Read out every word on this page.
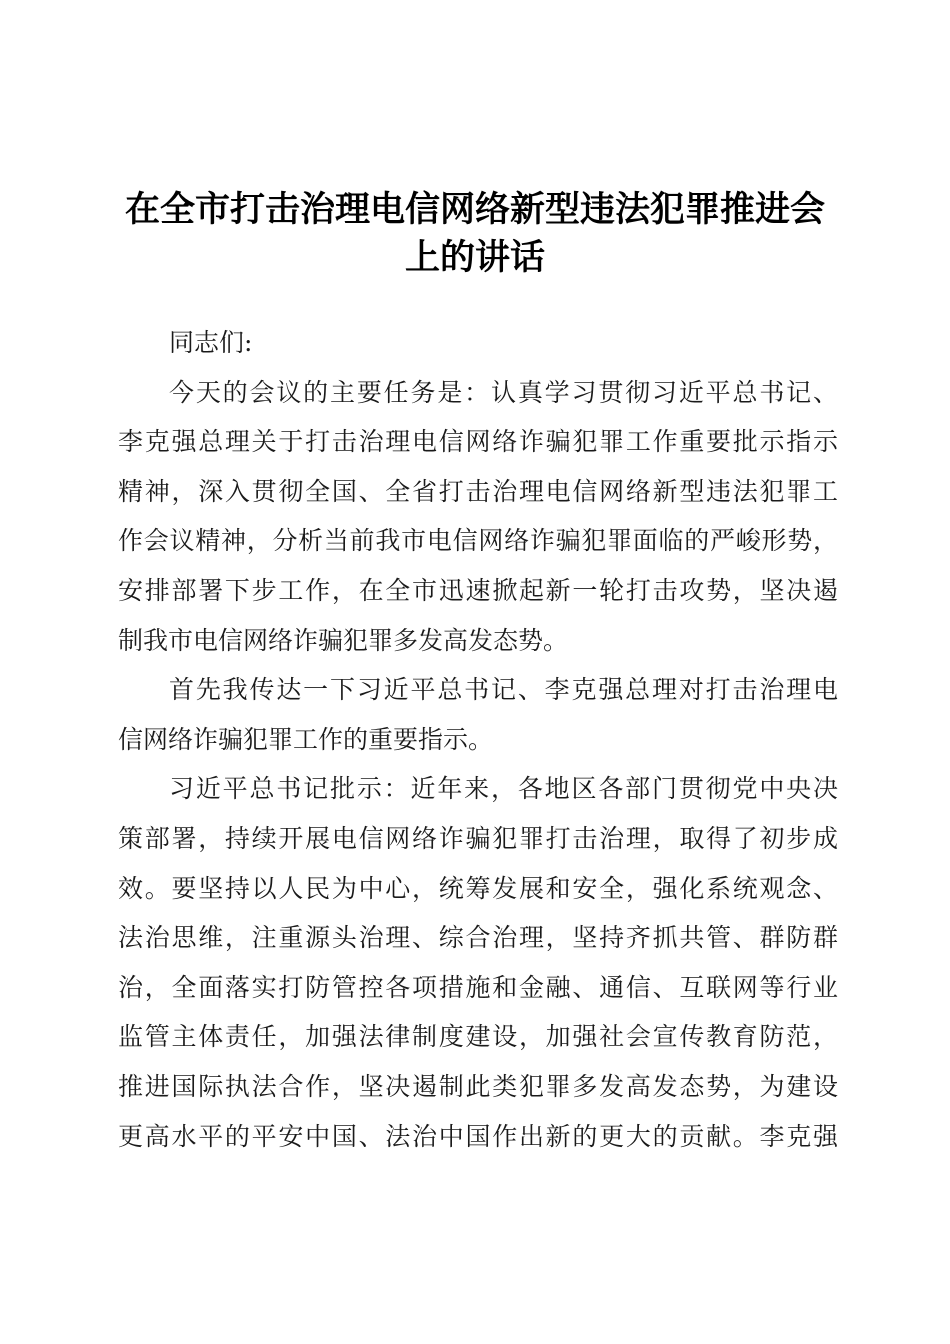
在全市打击治理电信网络新型违法犯罪推进会
上的讲话

同志们:

今天的会议的主要任务是：认真学习贯彻习近平总书记、
李克强总理关于打击治理电信网络诈骗犯罪工作重要批示指示
精神，深入贯彻全国、全省打击治理电信网络新型违法犯罪工
作会议精神，分析当前我市电信网络诈骗犯罪面临的严峻形势，
安排部署下步工作，在全市迅速掀起新一轮打击攻势，坚决遏
制我市电信网络诈骗犯罪多发高发态势。

首先我传达一下习近平总书记、李克强总理对打击治理电
信网络诈骗犯罪工作的重要指示。

习近平总书记批示：近年来，各地区各部门贯彻党中央决
策部署，持续开展电信网络诈骗犯罪打击治理，取得了初步成
效。要坚持以人民为中心，统筹发展和安全，强化系统观念、
法治思维，注重源头治理、综合治理，坚持齐抓共管、群防群
治，全面落实打防管控各项措施和金融、通信、互联网等行业
监管主体责任，加强法律制度建设，加强社会宣传教育防范，
推进国际执法合作，坚决遏制此类犯罪多发高发态势，为建设
更高水平的平安中国、法治中国作出新的更大的贡献。李克强
